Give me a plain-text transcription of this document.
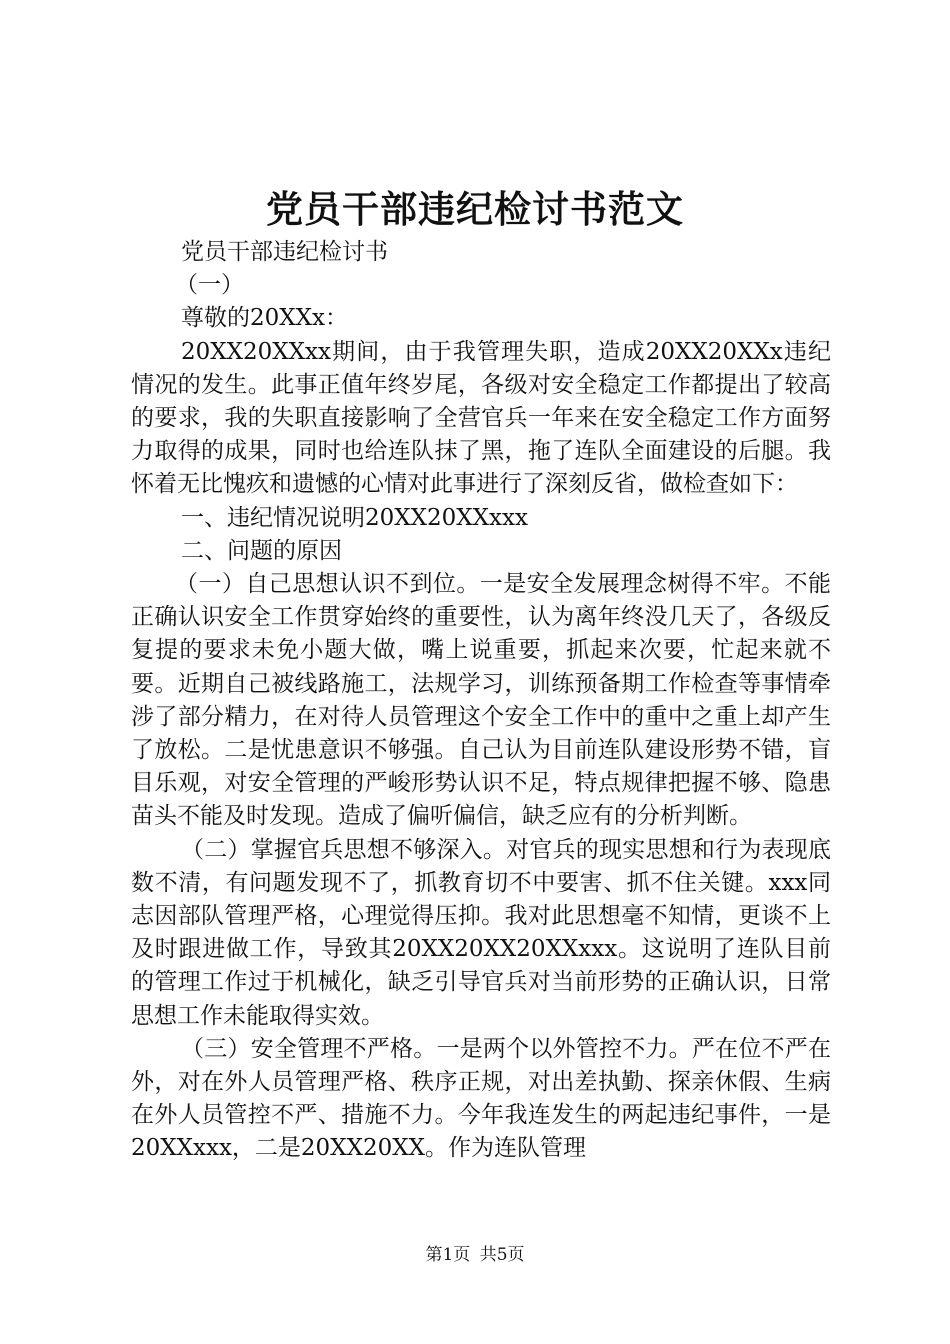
党员干部违纪检讨书范文

党员干部违纪检讨书

（一）

尊敬的20XXx：

20XX20XXxx期间，由于我管理失职，造成20XX20XXx违纪情况的发生。此事正值年终岁尾，各级对安全稳定工作都提出了较高的要求，我的失职直接影响了全营官兵一年来在安全稳定工作方面努力取得的成果，同时也给连队抹了黑，拖了连队全面建设的后腿。我怀着无比愧疚和遗憾的心情对此事进行了深刻反省，做检查如下：

一、违纪情况说明20XX20XXxxx

二、问题的原因

（一）自己思想认识不到位。一是安全发展理念树得不牢。不能正确认识安全工作贯穿始终的重要性，认为离年终没几天了，各级反复提的要求未免小题大做，嘴上说重要，抓起来次要，忙起来就不要。近期自己被线路施工，法规学习，训练预备期工作检查等事情牵涉了部分精力，在对待人员管理这个安全工作中的重中之重上却产生了放松。二是忧患意识不够强。自己认为目前连队建设形势不错，盲目乐观，对安全管理的严峻形势认识不足，特点规律把握不够、隐患苗头不能及时发现。造成了偏听偏信，缺乏应有的分析判断。

（二）掌握官兵思想不够深入。对官兵的现实思想和行为表现底数不清，有问题发现不了，抓教育切不中要害、抓不住关键。xxx同志因部队管理严格，心理觉得压抑。我对此思想毫不知情，更谈不上及时跟进做工作，导致其20XX20XX20XXxxx。这说明了连队目前的管理工作过于机械化，缺乏引导官兵对当前形势的正确认识，日常思想工作未能取得实效。

（三）安全管理不严格。一是两个以外管控不力。严在位不严在外，对在外人员管理严格、秩序正规，对出差执勤、探亲休假、生病在外人员管控不严、措施不力。今年我连发生的两起违纪事件，一是20XXxxx，二是20XX20XX。作为连队管理

第1页 共5页
